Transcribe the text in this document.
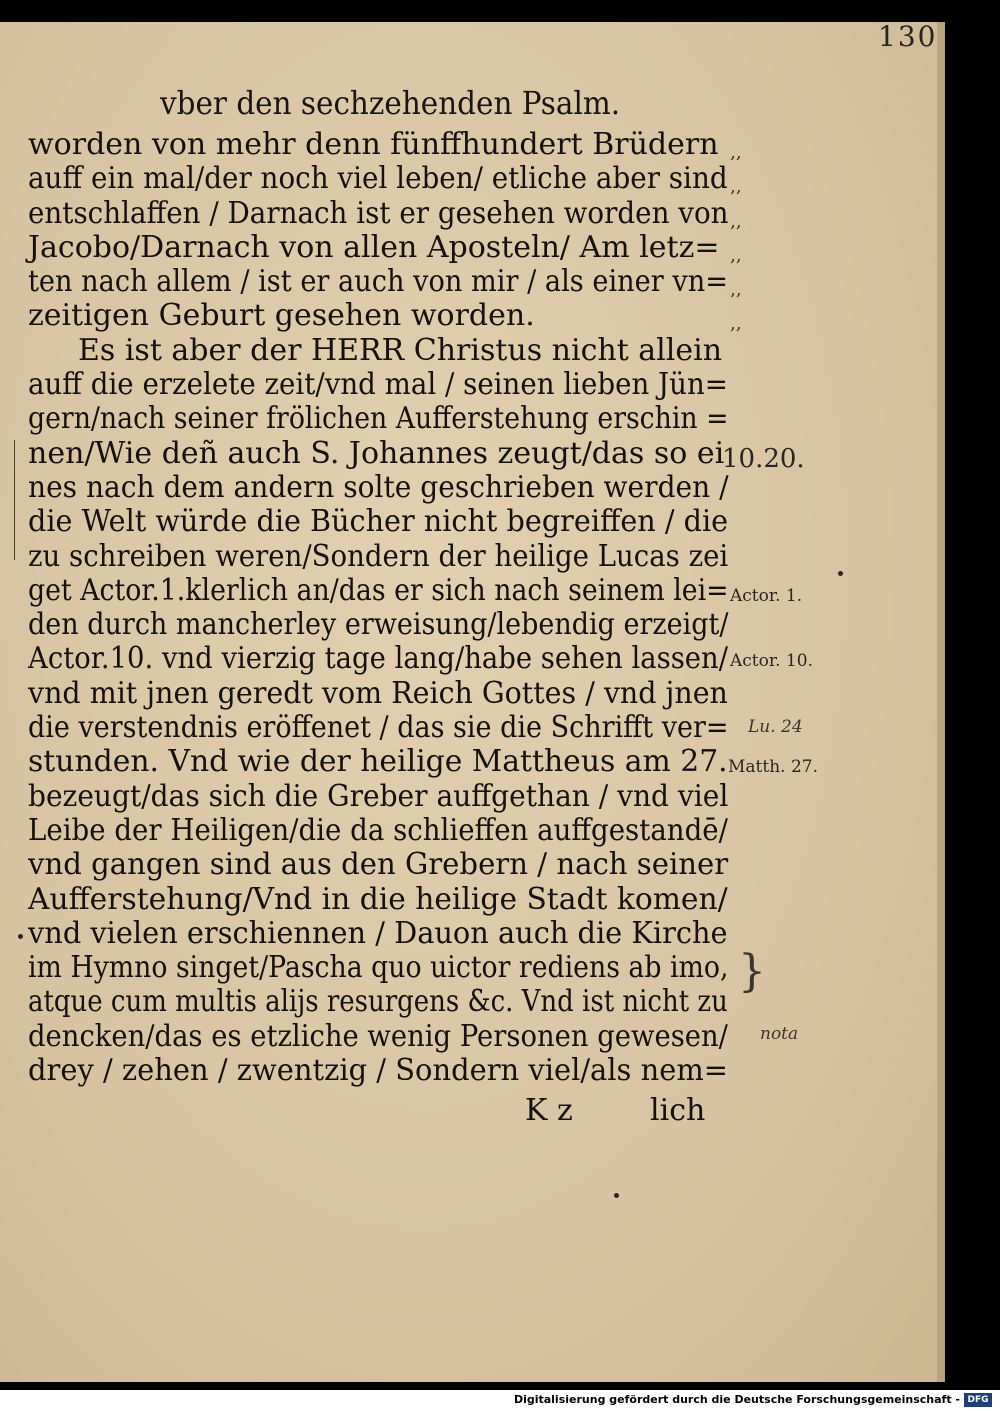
130
vber den sechzehenden Psalm.
worden von mehr denn fünffhundert Brüdern
auff ein mal/der noch viel leben/ etliche aber sind
entschlaffen / Darnach ist er gesehen worden von
Jacobo/Darnach von allen Aposteln/ Am letz=
ten nach allem / ist er auch von mir / als einer vn=
zeitigen Geburt gesehen worden.
Es ist aber der HERR Christus nicht allein
auff die erzelete zeit/vnd mal / seinen lieben Jün=
gern/nach seiner frölichen Aufferstehung erschin =
nen/Wie deñ auch S. Johannes zeugt/das so ei
nes nach dem andern solte geschrieben werden /
die Welt würde die Bücher nicht begreiffen / die
zu schreiben weren/Sondern der heilige Lucas zei
get Actor.1.klerlich an/das er sich nach seinem lei=
den durch mancherley erweisung/lebendig erzeigt/
Actor.10. vnd vierzig tage lang/habe sehen lassen/
vnd mit jnen geredt vom Reich Gottes / vnd jnen
die verstendnis eröffenet / das sie die Schrifft ver=
stunden. Vnd wie der heilige Mattheus am 27.
bezeugt/das sich die Greber auffgethan / vnd viel
Leibe der Heiligen/die da schlieffen auffgestandē/
vnd gangen sind aus den Grebern / nach seiner
Aufferstehung/Vnd in die heilige Stadt komen/
vnd vielen erschiennen / Dauon auch die Kirche
im Hymno singet/Pascha quo uictor rediens ab imo,
atque cum multis alijs resurgens &c. Vnd ist nicht zu
dencken/das es etzliche wenig Personen gewesen/
drey / zehen / zwentzig / Sondern viel/als nem=
‚‚
‚‚
‚‚
‚‚
‚‚
‚‚
10.20.
Actor. 1.
Actor. 10.
Matth. 27.
Lu. 24
nota
}
K z	lich
Digitalisierung gefördert durch die Deutsche Forschungsgemeinschaft - DFG
